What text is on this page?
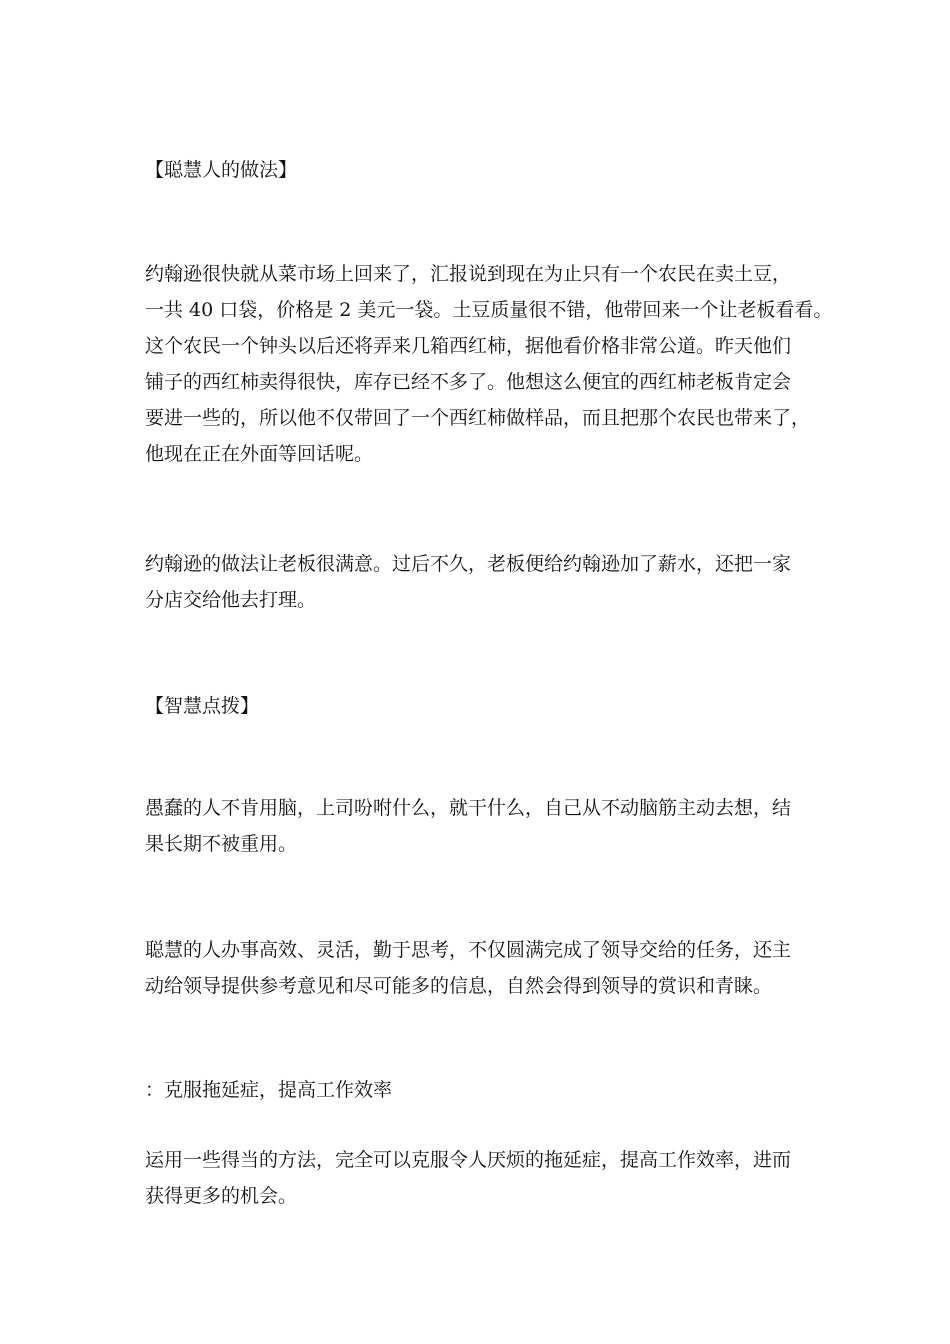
【聪慧人的做法】
约翰逊很快就从菜市场上回来了，汇报说到现在为止只有一个农民在卖土豆，
一共 40 口袋，价格是 2 美元一袋。土豆质量很不错，他带回来一个让老板看看。
这个农民一个钟头以后还将弄来几箱西红柿，据他看价格非常公道。昨天他们
铺子的西红柿卖得很快，库存已经不多了。他想这么便宜的西红柿老板肯定会
要进一些的，所以他不仅带回了一个西红柿做样品，而且把那个农民也带来了，
他现在正在外面等回话呢。
约翰逊的做法让老板很满意。过后不久，老板便给约翰逊加了薪水，还把一家
分店交给他去打理。
【智慧点拨】
愚蠢的人不肯用脑，上司吩咐什么，就干什么，自己从不动脑筋主动去想，结
果长期不被重用。
聪慧的人办事高效、灵活，勤于思考，不仅圆满完成了领导交给的任务，还主
动给领导提供参考意见和尽可能多的信息，自然会得到领导的赏识和青睐。
：克服拖延症，提高工作效率
运用一些得当的方法，完全可以克服令人厌烦的拖延症，提高工作效率，进而
获得更多的机会。
